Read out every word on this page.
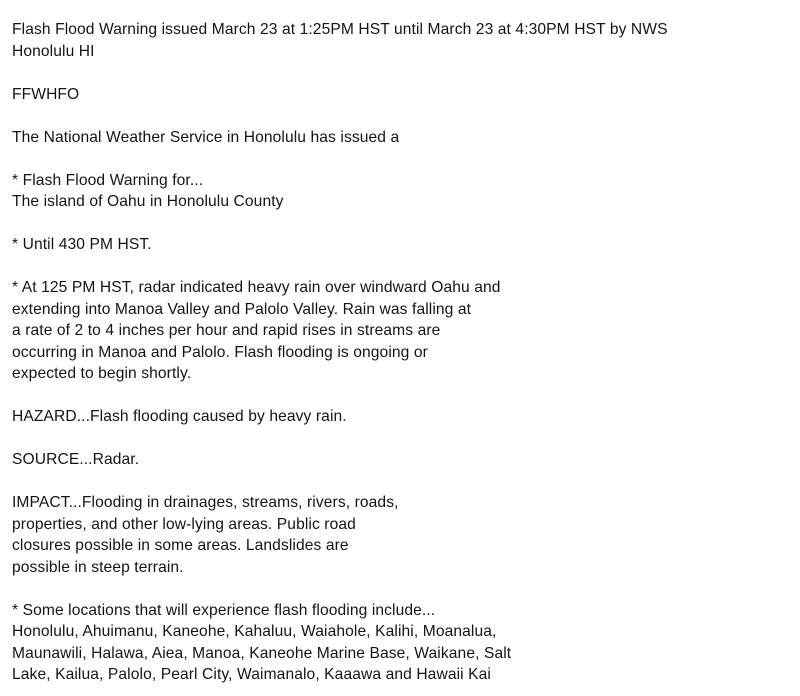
Flash Flood Warning issued March 23 at 1:25PM HST until March 23 at 4:30PM HST by NWS
Honolulu HI

FFWHFO

The National Weather Service in Honolulu has issued a

* Flash Flood Warning for...
The island of Oahu in Honolulu County

* Until 430 PM HST.

* At 125 PM HST, radar indicated heavy rain over windward Oahu and
extending into Manoa Valley and Palolo Valley. Rain was falling at
a rate of 2 to 4 inches per hour and rapid rises in streams are
occurring in Manoa and Palolo. Flash flooding is ongoing or
expected to begin shortly.

HAZARD...Flash flooding caused by heavy rain.

SOURCE...Radar.

IMPACT...Flooding in drainages, streams, rivers, roads,
properties, and other low-lying areas. Public road
closures possible in some areas. Landslides are
possible in steep terrain.

* Some locations that will experience flash flooding include...
Honolulu, Ahuimanu, Kaneohe, Kahaluu, Waiahole, Kalihi, Moanalua,
Maunawili, Halawa, Aiea, Manoa, Kaneohe Marine Base, Waikane, Salt
Lake, Kailua, Palolo, Pearl City, Waimanalo, Kaaawa and Hawaii Kai
